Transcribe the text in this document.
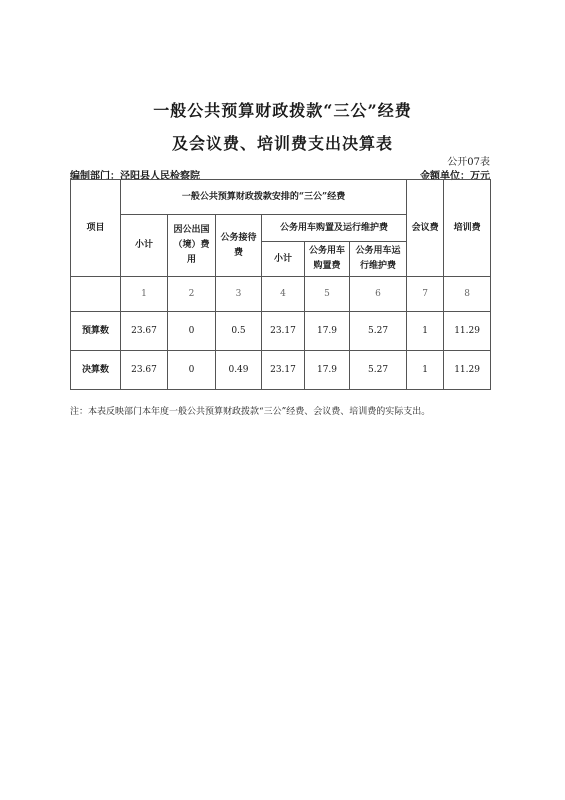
一般公共预算财政拨款“三公”经费
及会议费、培训费支出决算表
公开07表
编制部门：泾阳县人民检察院	金额单位：万元
项目	一般公共预算财政拨款安排的“三公”经费						会议费	培训费
	小计	因公出国（境）费用	公务接待费	公务用车购置及运行维护费				
				小计	公务用车购置费	公务用车运行维护费		
	1	2	3	4	5	6	7	8
预算数	23.67	0	0.5	23.17	17.9	5.27	1	11.29
决算数	23.67	0	0.49	23.17	17.9	5.27	1	11.29
注：本表反映部门本年度一般公共预算财政拨款“三公”经费、会议费、培训费的实际支出。
